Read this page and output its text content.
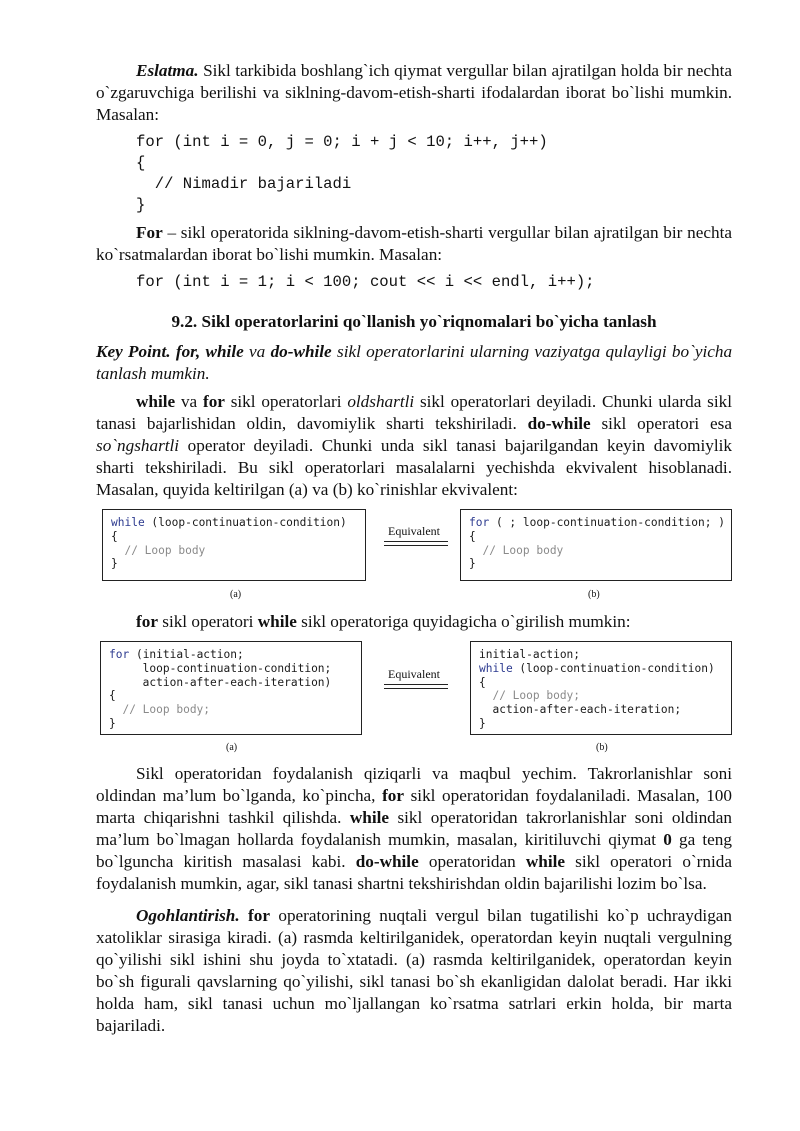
Eslatma. Sikl tarkibida boshlang`ich qiymat vergullar bilan ajratilgan holda bir nechta o`zgaruvchiga berilishi va siklning-davom-etish-sharti ifodalardan iborat bo`lishi mumkin. Masalan:

for (int i = 0, j = 0; i + j < 10; i++, j++)
{
// Nimadir bajariladi
}

For – sikl operatorida siklning-davom-etish-sharti vergullar bilan ajratilgan bir nechta ko`rsatmalardan iborat bo`lishi mumkin. Masalan:

for (int i = 1; i < 100; cout << i << endl, i++);
9.2. Sikl operatorlarini qo`llanish yo`riqnomalari bo`yicha tanlash

Key Point. for, while va do-while sikl operatorlarini ularning vaziyatga qulayligi bo`yicha tanlash mumkin.

while va for sikl operatorlari oldshartli sikl operatorlari deyiladi. Chunki ularda sikl tanasi bajarlishidan oldin, davomiylik sharti tekshiriladi. do-while sikl operatori esa so`ngshartli operator deyiladi. Chunki unda sikl tanasi bajarilgandan keyin davomiylik sharti tekshiriladi. Bu sikl operatorlari masalalarni yechishda ekvivalent hisoblanadi. Masalan, quyida keltirilgan (a) va (b) ko`rinishlar ekvivalent:

while (loop-continuation-condition)
{
// Loop body
}
Equivalent
for ( ; loop-continuation-condition; )
{
// Loop body
}
(a)	(b)

for sikl operatori while sikl operatoriga quyidagicha o`girilish mumkin:

for (initial-action;
loop-continuation-condition;
action-after-each-iteration)
{
// Loop body;
}
Equivalent
initial-action;
while (loop-continuation-condition)
{
// Loop body;
action-after-each-iteration;
}
(a)	(b)

Sikl operatoridan foydalanish qiziqarli va maqbul yechim. Takrorlanishlar soni oldindan ma’lum bo`lganda, ko`pincha, for sikl operatoridan foydalaniladi. Masalan, 100 marta chiqarishni tashkil qilishda. while sikl operatoridan takrorlanishlar soni oldindan ma’lum bo`lmagan hollarda foydalanish mumkin, masalan, kiritiluvchi qiymat 0 ga teng bo`lguncha kiritish masalasi kabi. do-while operatoridan while sikl operatori o`rnida foydalanish mumkin, agar, sikl tanasi shartni tekshirishdan oldin bajarilishi lozim bo`lsa.

Ogohlantirish. for operatorining nuqtali vergul bilan tugatilishi ko`p uchraydigan xatoliklar sirasiga kiradi. (a) rasmda keltirilganidek, operatordan keyin nuqtali vergulning qo`yilishi sikl ishini shu joyda to`xtatadi. (a) rasmda keltirilganidek, operatordan keyin bo`sh figurali qavslarning qo`yilishi, sikl tanasi bo`sh ekanligidan dalolat beradi. Har ikki holda ham, sikl tanasi uchun mo`ljallangan ko`rsatma satrlari erkin holda, bir marta bajariladi.
